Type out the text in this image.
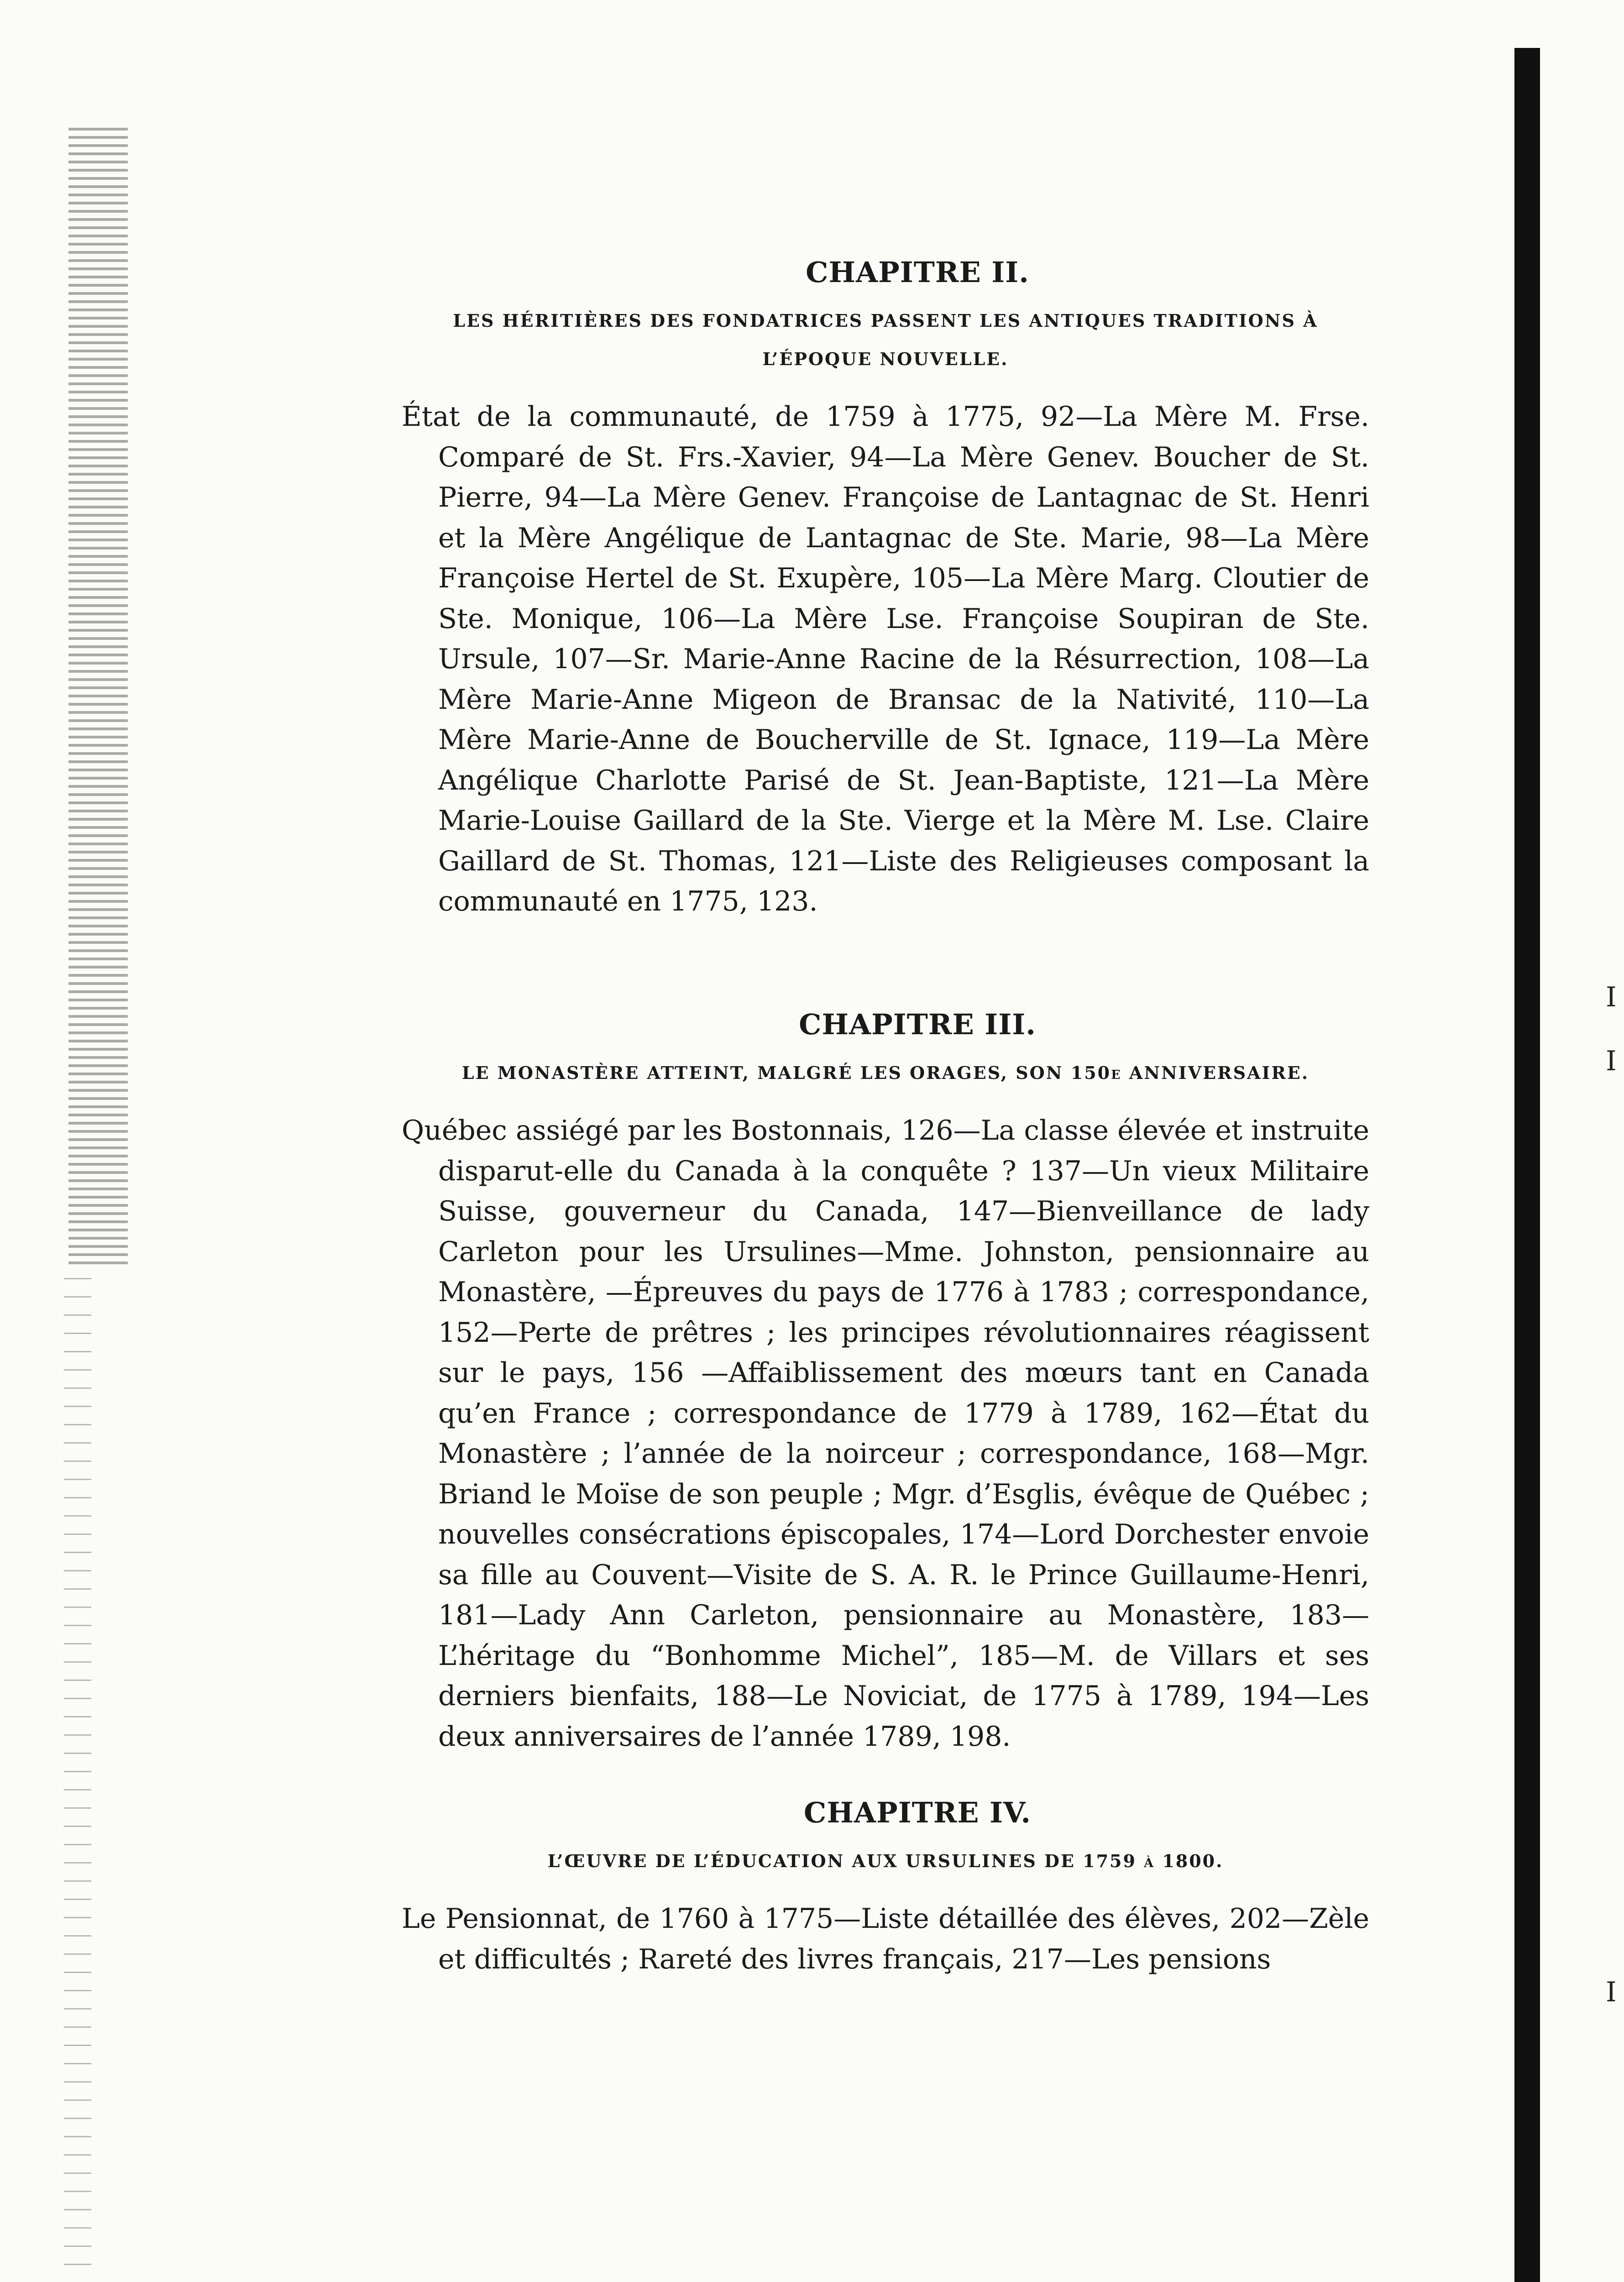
I
I
I
CHAPITRE II.
LES HÉRITIÈRES DES FONDATRICES PASSENT LES ANTIQUES TRADITIONS À L’ÉPOQUE NOUVELLE.

État de la communauté, de 1759 à 1775, 92—La Mère M. Frse. Comparé de St. Frs.-Xavier, 94—La Mère Genev. Boucher de St. Pierre, 94—La Mère Genev. Françoise de Lantagnac de St. Henri et la Mère Angélique de Lantagnac de Ste. Marie, 98—La Mère Françoise Hertel de St. Exupère, 105—La Mère Marg. Cloutier de Ste. Monique, 106—La Mère Lse. Françoise Soupiran de Ste. Ursule, 107—Sr. Marie-Anne Racine de la Résurrection, 108—La Mère Marie-Anne Migeon de Bransac de la Nativité, 110—La Mère Marie-Anne de Boucherville de St. Ignace, 119—La Mère Angélique Charlotte Parisé de St. Jean-Baptiste, 121—La Mère Marie-Louise Gaillard de la Ste. Vierge et la Mère M. Lse. Claire Gaillard de St. Thomas, 121—Liste des Religieuses composant la communauté en 1775, 123.

CHAPITRE III.
LE MONASTÈRE ATTEINT, MALGRÉ LES ORAGES, SON 150e ANNIVERSAIRE.

Québec assiégé par les Bostonnais, 126—La classe élevée et instruite disparut-elle du Canada à la conquête ? 137—Un vieux Militaire Suisse, gouverneur du Canada, 147—Bienveillance de lady Carleton pour les Ursulines—Mme. Johnston, pensionnaire au Monastère, —Épreuves du pays de 1776 à 1783 ; correspondance, 152—Perte de prêtres ; les principes révolutionnaires réagissent sur le pays, 156 —Affaiblissement des mœurs tant en Canada qu’en France ; correspondance de 1779 à 1789, 162—État du Monastère ; l’année de la noirceur ; correspondance, 168—Mgr. Briand le Moïse de son peuple ; Mgr. d’Esglis, évêque de Québec ; nouvelles consécrations épiscopales, 174—Lord Dorchester envoie sa fille au Couvent—Visite de S. A. R. le Prince Guillaume-Henri, 181—Lady Ann Carleton, pensionnaire au Monastère, 183—L’héritage du “Bonhomme Michel”, 185—M. de Villars et ses derniers bienfaits, 188—Le Noviciat, de 1775 à 1789, 194—Les deux anniversaires de l’année 1789, 198.

CHAPITRE IV.
L’ŒUVRE DE L’ÉDUCATION AUX URSULINES DE 1759 à 1800.

Le Pensionnat, de 1760 à 1775—Liste détaillée des élèves, 202—Zèle et difficultés ; Rareté des livres français, 217—Les pensions
